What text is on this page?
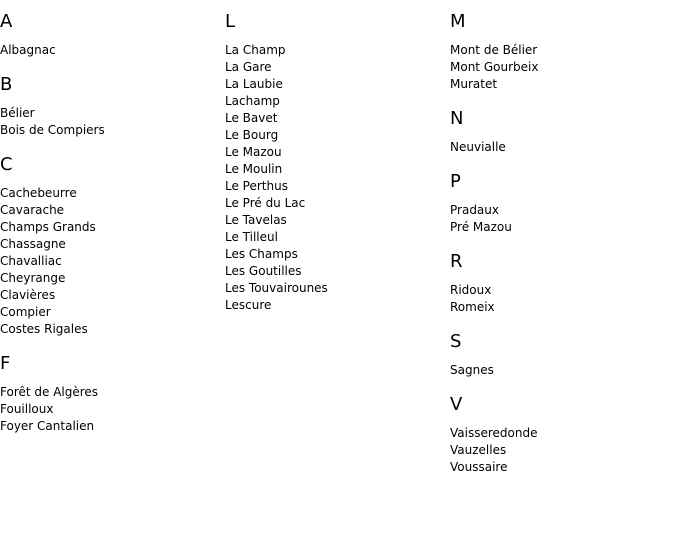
A
Albagnac
B
Bélier
Bois de Compiers
C
Cachebeurre
Cavarache
Champs Grands
Chassagne
Chavalliac
Cheyrange
Clavières
Compier
Costes Rigales
F
Forêt de Algères
Fouilloux
Foyer Cantalien
L
La Champ
La Gare
La Laubie
Lachamp
Le Bavet
Le Bourg
Le Mazou
Le Moulin
Le Perthus
Le Pré du Lac
Le Tavelas
Le Tilleul
Les Champs
Les Goutilles
Les Touvairounes
Lescure
M
Mont de Bélier
Mont Gourbeix
Muratet
N
Neuvialle
P
Pradaux
Pré Mazou
R
Ridoux
Romeix
S
Sagnes
V
Vaisseredonde
Vauzelles
Voussaire
